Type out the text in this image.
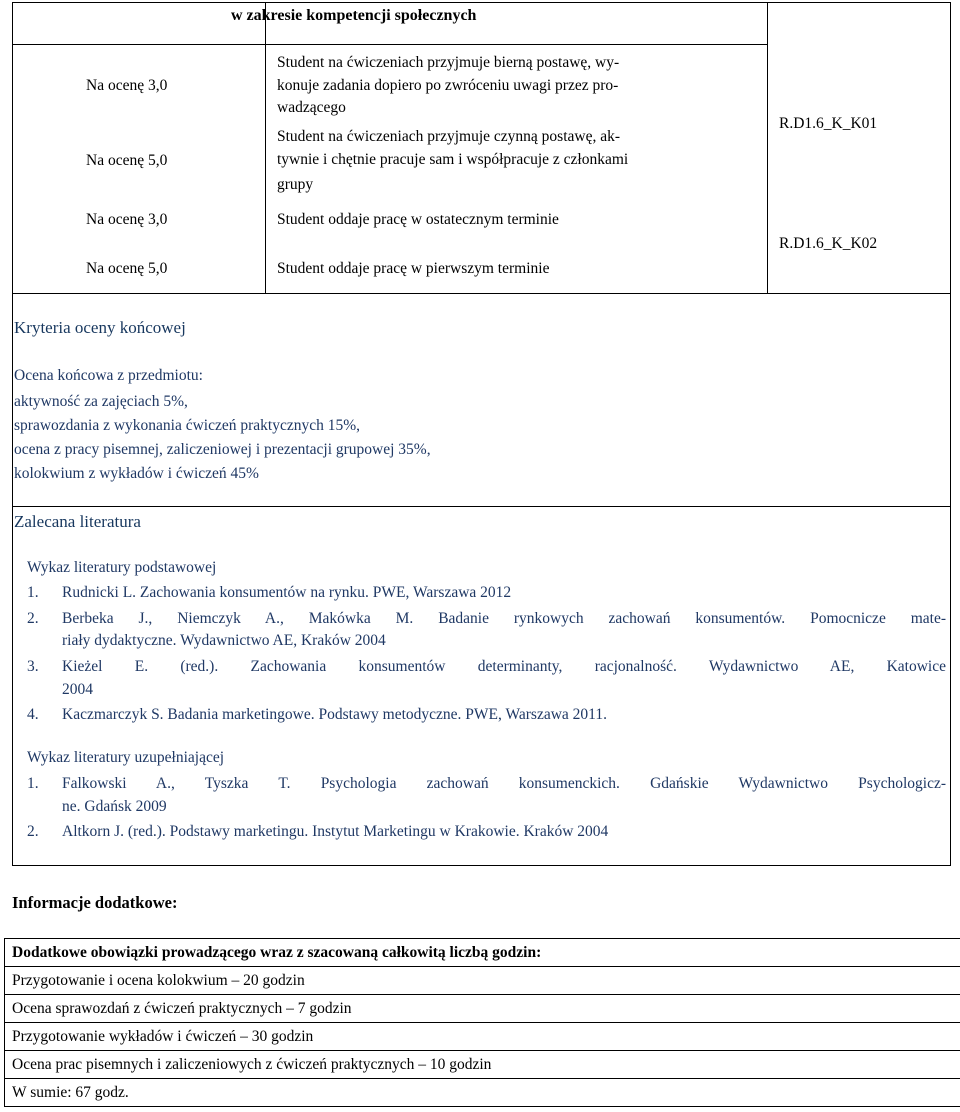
w zakresie kompetencji społecznych
Na ocenę 3,0
Na ocenę 5,0
Na ocenę 3,0
Na ocenę 5,0
Student na ćwiczeniach przyjmuje bierną postawę, wy-
konuje zadania dopiero po zwróceniu uwagi przez pro-
wadzącego
Student na ćwiczeniach przyjmuje czynną postawę, ak-
tywnie i chętnie pracuje sam i współpracuje z członkami
grupy
Student oddaje pracę w ostatecznym terminie
Student oddaje pracę w pierwszym terminie
R.D1.6_K_K01
R.D1.6_K_K02
Kryteria oceny końcowej
Ocena końcowa z przedmiotu:
aktywność za zajęciach 5%,
sprawozdania z wykonania ćwiczeń praktycznych 15%,
ocena z pracy pisemnej, zaliczeniowej i prezentacji grupowej 35%,
kolokwium z wykładów i ćwiczeń 45%
Zalecana literatura
Wykaz literatury podstawowej
1. Rudnicki L. Zachowania konsumentów na rynku. PWE, Warszawa 2012
2. Berbeka J., Niemczyk A., Makówka M. Badanie rynkowych zachowań konsumentów. Pomocnicze mate-
riały dydaktyczne. Wydawnictwo AE, Kraków 2004
3. Kieżel E. (red.). Zachowania konsumentów determinanty, racjonalność. Wydawnictwo AE, Katowice
2004
4. Kaczmarczyk S. Badania marketingowe. Podstawy metodyczne. PWE, Warszawa 2011.
Wykaz literatury uzupełniającej
1. Falkowski A., Tyszka T. Psychologia zachowań konsumenckich. Gdańskie Wydawnictwo Psychologicz-
ne. Gdańsk 2009
2. Altkorn J. (red.). Podstawy marketingu. Instytut Marketingu w Krakowie. Kraków 2004
Informacje dodatkowe:
Dodatkowe obowiązki prowadzącego wraz z szacowaną całkowitą liczbą godzin:
Przygotowanie i ocena kolokwium – 20 godzin
Ocena sprawozdań z ćwiczeń praktycznych – 7 godzin
Przygotowanie wykładów i ćwiczeń – 30 godzin
Ocena prac pisemnych i zaliczeniowych z ćwiczeń praktycznych – 10 godzin
W sumie: 67 godz.
